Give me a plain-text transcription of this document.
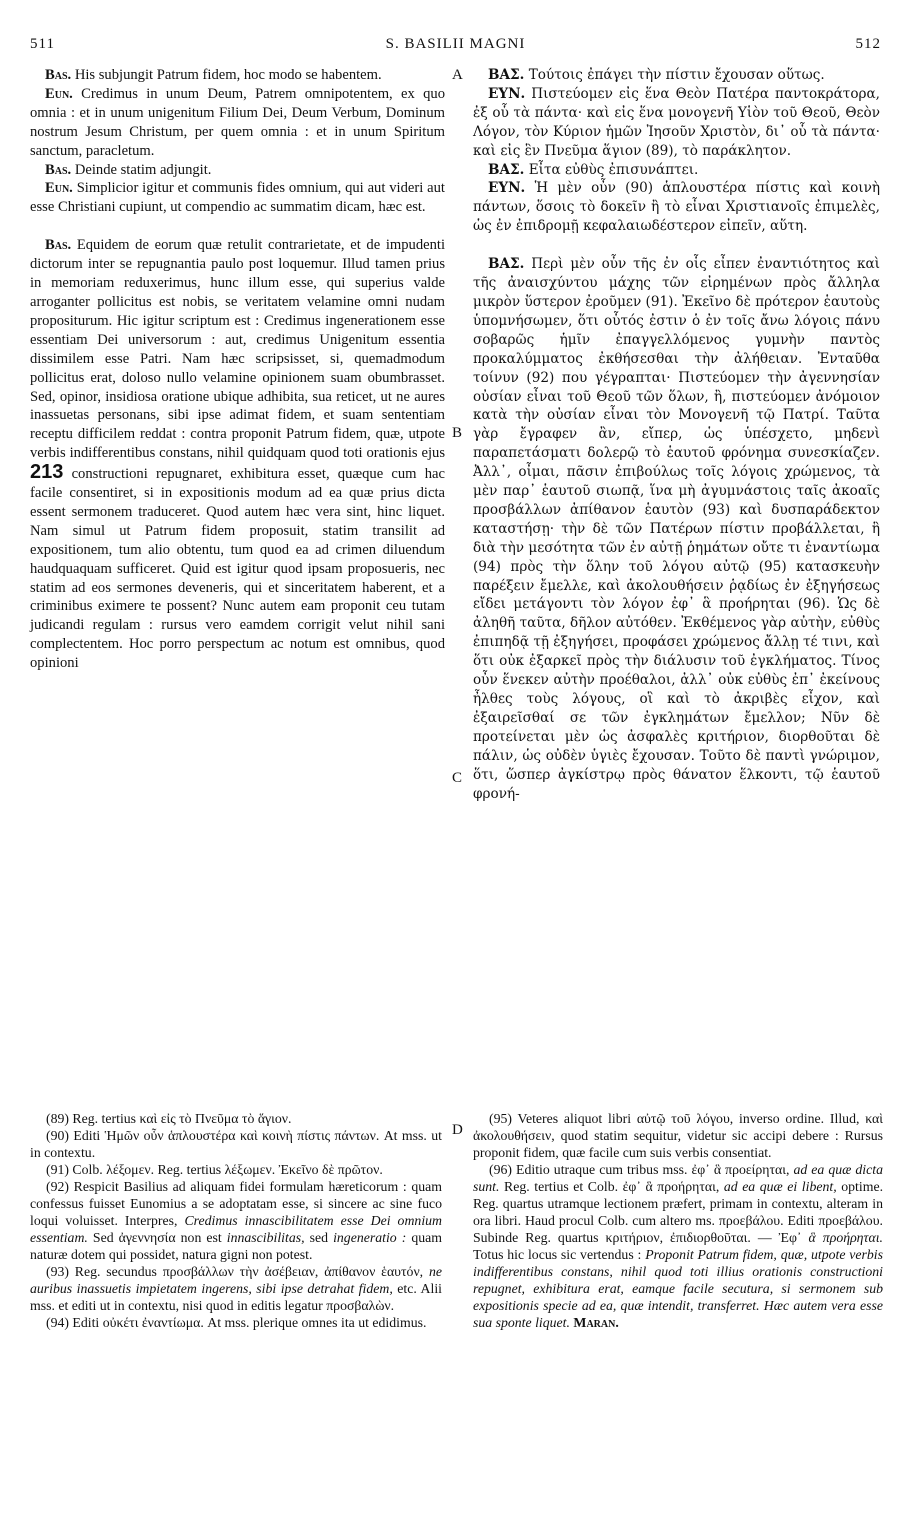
511	S. BASILII MAGNI	512
A
B
C
D

Bas. His subjungit Patrum fidem, hoc modo se habentem.

Eun. Credimus in unum Deum, Patrem omnipotentem, ex quo omnia : et in unum unigenitum Filium Dei, Deum Verbum, Dominum nostrum Jesum Christum, per quem omnia : et in unum Spiritum sanctum, paracletum.

Bas. Deinde statim adjungit.

Eun. Simplicior igitur et communis fides omnium, qui aut videri aut esse Christiani cupiunt, ut compendio ac summatim dicam, hæc est.

Bas. Equidem de eorum quæ retulit contrarietate, et de impudenti dictorum inter se repugnantia paulo post loquemur. Illud tamen prius in memoriam reduxerimus, hunc illum esse, qui superius valde arroganter pollicitus est nobis, se veritatem velamine omni nudam propositurum. Hic igitur scriptum est : Credimus ingenerationem esse essentiam Dei universorum : aut, credimus Unigenitum essentia dissimilem esse Patri. Nam hæc scripsisset, si, quemadmodum pollicitus erat, doloso nullo velamine opinionem suam obumbrasset. Sed, opinor, insidiosa oratione ubique adhibita, sua reticet, ut ne aures inassuetas personans, sibi ipse adimat fidem, et suam sententiam receptu difficilem reddat : contra proponit Patrum fidem, quæ, utpote verbis indifferentibus constans, nihil quidquam quod toti orationis ejus 213 constructioni repugnaret, exhibitura esset, quæque cum hac facile consentiret, si in expositionis modum ad ea quæ prius dicta essent sermonem traduceret. Quod autem hæc vera sint, hinc liquet. Nam simul ut Patrum fidem proposuit, statim transilit ad expositionem, tum alio obtentu, tum quod ea ad crimen diluendum haudquaquam sufficeret. Quid est igitur quod ipsam proposueris, nec statim ad eos sermones deveneris, qui et sinceritatem haberent, et a criminibus eximere te possent? Nunc autem eam proponit ceu tutam judicandi regulam : rursus vero eamdem corrigit velut nihil sani complectentem. Hoc porro perspectum ac notum est omnibus, quod opinioni

ΒΑΣ. Τούτοις ἐπάγει τὴν πίστιν ἔχουσαν οὕτως.

ΕΥΝ. Πιστεύομεν εἰς ἕνα Θεὸν Πατέρα παντοκράτορα, ἐξ οὗ τὰ πάντα· καὶ εἰς ἕνα μονογενῆ Υἱὸν τοῦ Θεοῦ, Θεὸν Λόγον, τὸν Κύριον ἡμῶν Ἰησοῦν Χριστὸν, δι᾽ οὗ τὰ πάντα· καὶ εἰς ἓν Πνεῦμα ἅγιον (89), τὸ παράκλητον.

ΒΑΣ. Εἶτα εὐθὺς ἐπισυνάπτει.

ΕΥΝ. Ἡ μὲν οὖν (90) ἁπλουστέρα πίστις καὶ κοινὴ πάντων, ὅσοις τὸ δοκεῖν ἢ τὸ εἶναι Χριστιανοῖς ἐπιμελὲς, ὡς ἐν ἐπιδρομῇ κεφαλαιωδέστερον εἰπεῖν, αὕτη.

ΒΑΣ. Περὶ μὲν οὖν τῆς ἐν οἷς εἶπεν ἐναντιότητος καὶ τῆς ἀναισχύντου μάχης τῶν εἰρημένων πρὸς ἄλληλα μικρὸν ὕστερον ἐροῦμεν (91). Ἐκεῖνο δὲ πρότερον ἑαυτοὺς ὑπομνήσωμεν, ὅτι οὗτός ἐστιν ὁ ἐν τοῖς ἄνω λόγοις πάνυ σοβαρῶς ἡμῖν ἐπαγγελλόμενος γυμνὴν παντὸς προκαλύμματος ἐκθήσεσθαι τὴν ἀλήθειαν. Ἐνταῦθα τοίνυν (92) που γέγραπται· Πιστεύομεν τὴν ἀγεννησίαν οὐσίαν εἶναι τοῦ Θεοῦ τῶν ὅλων, ἢ, πιστεύομεν ἀνόμοιον κατὰ τὴν οὐσίαν εἶναι τὸν Μονογενῆ τῷ Πατρί. Ταῦτα γὰρ ἔγραφεν ἂν, εἴπερ, ὡς ὑπέσχετο, μηδενὶ παραπετάσματι δολερῷ τὸ ἑαυτοῦ φρόνημα συνεσκίαζεν. Ἀλλ᾽, οἶμαι, πᾶσιν ἐπιβούλως τοῖς λόγοις χρώμενος, τὰ μὲν παρ᾽ ἑαυτοῦ σιωπᾷ, ἵνα μὴ ἀγυμνάστοις ταῖς ἀκοαῖς προσβάλλων ἀπίθανον ἑαυτὸν (93) καὶ δυσπαράδεκτον καταστήσῃ· τὴν δὲ τῶν Πατέρων πίστιν προβάλλεται, ἣ διὰ τὴν μεσότητα τῶν ἐν αὐτῇ ῥημάτων οὔτε τι ἐναντίωμα (94) πρὸς τὴν ὅλην τοῦ λόγου αὐτῷ (95) κατασκευὴν παρέξειν ἔμελλε, καὶ ἀκολουθήσειν ῥᾳδίως ἐν ἐξηγήσεως εἴδει μετάγοντι τὸν λόγον ἐφ᾽ ἃ προήρηται (96). Ὡς δὲ ἀληθῆ ταῦτα, δῆλον αὐτόθεν. Ἐκθέμενος γὰρ αὐτὴν, εὐθὺς ἐπιπηδᾷ τῇ ἐξηγήσει, προφάσει χρώμενος ἄλλῃ τέ τινι, καὶ ὅτι οὐκ ἐξαρκεῖ πρὸς τὴν διάλυσιν τοῦ ἐγκλήματος. Τίνος οὖν ἕνεκεν αὐτὴν προέθαλοι, ἀλλ᾽ οὐκ εὐθὺς ἐπ᾽ ἐκείνους ἦλθες τοὺς λόγους, οἳ καὶ τὸ ἀκριβὲς εἶχον, καὶ ἐξαιρεῖσθαί σε τῶν ἐγκλημάτων ἔμελλον; Νῦν δὲ προτείνεται μὲν ὡς ἀσφαλὲς κριτήριον, διορθοῦται δὲ πάλιν, ὡς οὐδὲν ὑγιὲς ἔχουσαν. Τοῦτο δὲ παντὶ γνώριμον, ὅτι, ὥσπερ ἀγκίστρῳ πρὸς θάνατον ἕλκοντι, τῷ ἑαυτοῦ φρονή-

(89) Reg. tertius καὶ εἰς τὸ Πνεῦμα τὸ ἅγιον.

(90) Editi Ἡμῶν οὖν ἁπλουστέρα καὶ κοινὴ πίστις πάντων. At mss. ut in contextu.

(91) Colb. λέξομεν. Reg. tertius λέξωμεν. Ἐκεῖνο δὲ πρῶτον.

(92) Respicit Basilius ad aliquam fidei formulam hæreticorum : quam confessus fuisset Eunomius a se adoptatam esse, si sincere ac sine fuco loqui voluisset. Interpres, Credimus innascibilitatem esse Dei omnium essentiam. Sed ἀγεννησία non est innascibilitas, sed ingeneratio : quam naturæ dotem qui possidet, natura gigni non potest.

(93) Reg. secundus προσβάλλων τὴν ἀσέβειαν, ἀπίθανον ἑαυτόν, ne auribus inassuetis impietatem ingerens, sibi ipse detrahat fidem, etc. Alii mss. et editi ut in contextu, nisi quod in editis legatur προσβαλὼν.

(94) Editi οὐκέτι ἐναντίωμα. At mss. plerique omnes ita ut edidimus.

(95) Veteres aliquot libri αὐτῷ τοῦ λόγου, inverso ordine. Illud, καὶ ἀκολουθήσειν, quod statim sequitur, videtur sic accipi debere : Rursus proponit fidem, quæ facile cum suis verbis consentiat.

(96) Editio utraque cum tribus mss. ἐφ᾽ ἃ προείρηται, ad ea quæ dicta sunt. Reg. tertius et Colb. ἐφ᾽ ἃ προήρηται, ad ea quæ ei libent, optime. Reg. quartus utramque lectionem præfert, primam in contextu, alteram in ora libri. Haud procul Colb. cum altero ms. προεβάλου. Editi προεβάλου. Subinde Reg. quartus κριτήριον, ἐπιδιορθοῦται. — Ἐφ᾽ ἃ προήρηται. Totus hic locus sic vertendus : Proponit Patrum fidem, quæ, utpote verbis indifferentibus constans, nihil quod toti illius orationis constructioni repugnet, exhibitura erat, eamque facile secutura, si sermonem sub expositionis specie ad ea, quæ intendit, transferret. Hæc autem vera esse sua sponte liquet. Maran.
